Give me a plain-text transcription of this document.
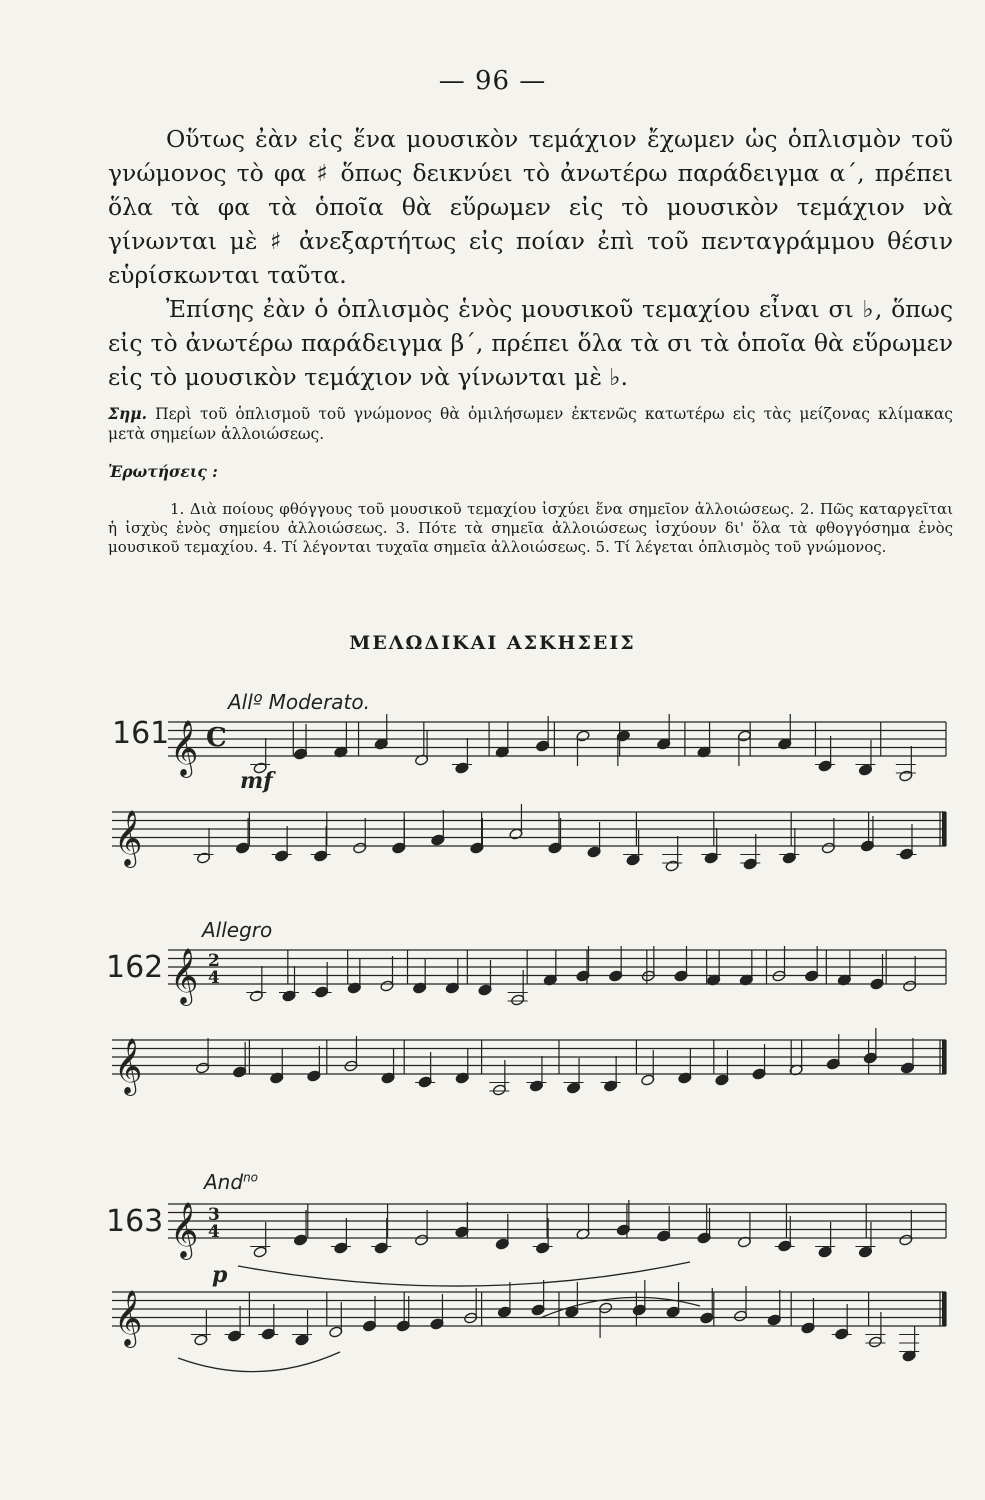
— 96 —

Οὕτως ἐὰν εἰς ἕνα μουσικὸν τεμάχιον ἔχωμεν ὡς ὁπλισμὸν τοῦ γνώμονος τὸ φα ♯ ὅπως δεικνύει τὸ ἀνωτέρω παράδειγμα α΄, πρέπει ὅλα τὰ φα τὰ ὁποῖα θὰ εὕρωμεν εἰς τὸ μουσικὸν τεμάχιον νὰ γίνωνται μὲ ♯ ἀνεξαρτήτως εἰς ποίαν ἐπὶ τοῦ πενταγράμμου θέσιν εὑρίσκωνται ταῦτα.

Ἐπίσης ἐὰν ὁ ὁπλισμὸς ἑνὸς μουσικοῦ τεμαχίου εἶναι σι ♭, ὅπως εἰς τὸ ἀνωτέρω παράδειγμα β΄, πρέπει ὅλα τὰ σι τὰ ὁποῖα θὰ εὕρωμεν εἰς τὸ μουσικὸν τεμάχιον νὰ γίνωνται μὲ ♭.

Σημ. Περὶ τοῦ ὁπλισμοῦ τοῦ γνώμονος θὰ ὁμιλήσωμεν ἐκτενῶς κατωτέρω εἰς τὰς μείζονας κλίμακας μετὰ σημείων ἀλλοιώσεως.
Ἐρωτήσεις :
1. Διὰ ποίους φθόγγους τοῦ μουσικοῦ τεμαχίου ἰσχύει ἕνα σημεῖον ἀλλοιώσεως. 2. Πῶς καταργεῖται ἡ ἰσχὺς ἑνὸς σημείου ἀλλοιώσεως. 3. Πότε τὰ σημεῖα ἀλλοιώσεως ἰσχύουν δι' ὅλα τὰ φθογγόσημα ἑνὸς μουσικοῦ τεμαχίου. 4. Τί λέγονται τυχαῖα σημεῖα ἀλλοιώσεως. 5. Τί λέγεται ὁπλισμὸς τοῦ γνώμονος.
ΜΕΛΩΔΙΚΑΙ ΑΣΚΗΣΕΙΣ
161
Allº Moderato.
mf
162
Allegro
163
And$^{no}$
p
𝄞 C
𝄞
𝄞 2
4
𝄞
𝄞 3
4
𝄞
